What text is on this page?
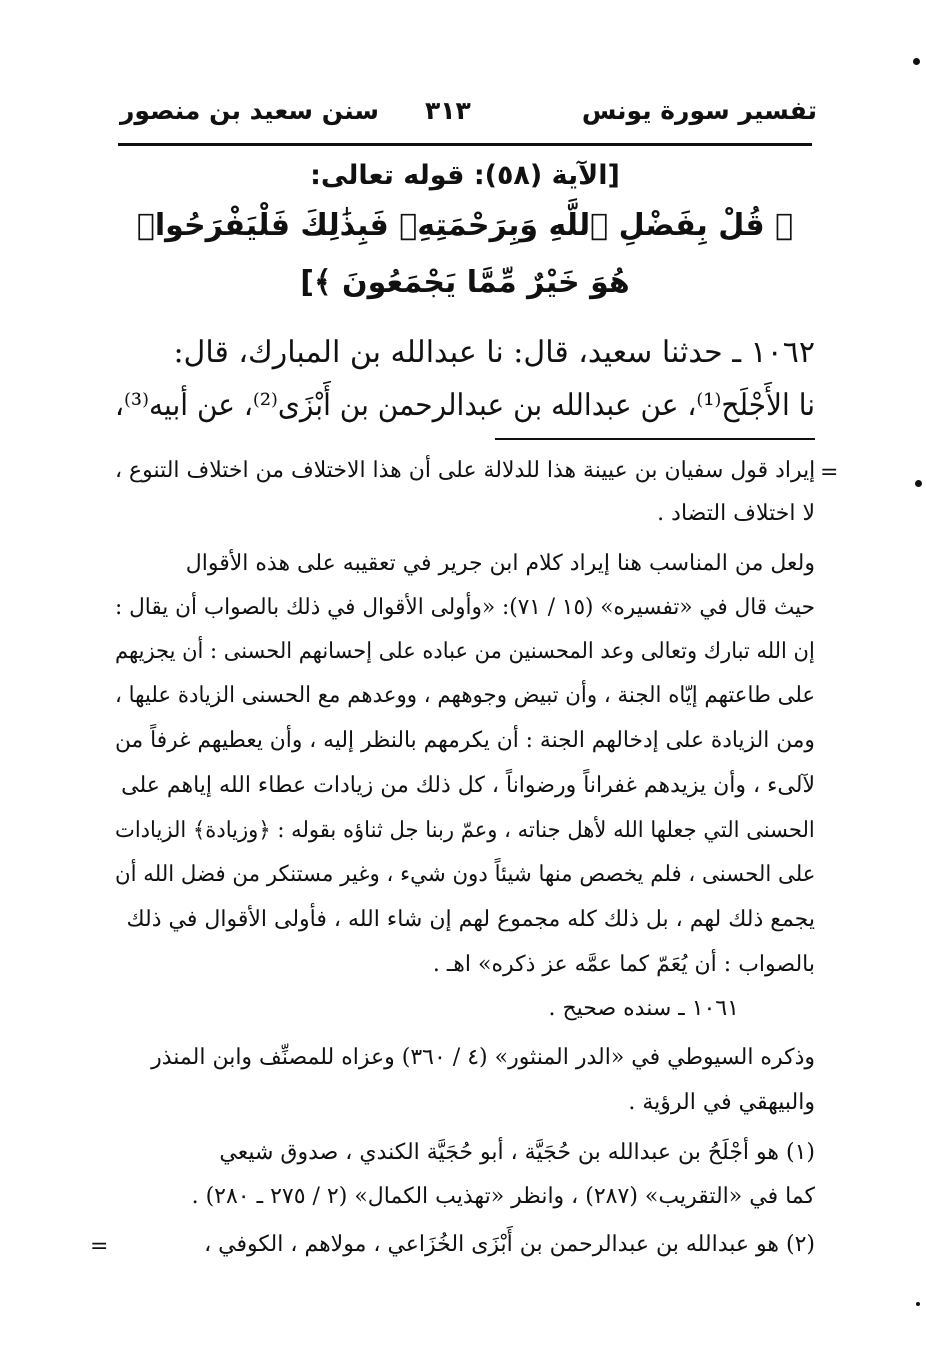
تفسير سورة يونس
٣١٣
سنن سعيد بن منصور
[الآية (٥٨): قوله تعالى:
﴿ قُلْ بِفَضْلِ ٱللَّهِ وَبِرَحْمَتِهِۦ فَبِذَٰلِكَ فَلْيَفْرَحُوا۟
هُوَ خَيْرٌ مِّمَّا يَجْمَعُونَ ﴾]
١٠٦٢ ـ حدثنا سعيد، قال: نا عبدالله بن المبارك، قال:
نا الأَجْلَح⁽¹⁾، عن عبدالله بن عبدالرحمن بن أَبْزَى⁽²⁾، عن أبيه⁽³⁾،
=
إيراد قول سفيان بن عيينة هذا للدلالة على أن هذا الاختلاف من اختلاف التنوع ،
لا اختلاف التضاد .
ولعل من المناسب هنا إيراد كلام ابن جرير في تعقيبه على هذه الأقوال
حيث قال في «تفسيره» (١٥ / ٧١): «وأولى الأقوال في ذلك بالصواب أن يقال :
إن الله تبارك وتعالى وعد المحسنين من عباده على إحسانهم الحسنى : أن يجزيهم
على طاعتهم إيّاه الجنة ، وأن تبيض وجوههم ، ووعدهم مع الحسنى الزيادة عليها ،
ومن الزيادة على إدخالهم الجنة : أن يكرمهم بالنظر إليه ، وأن يعطيهم غرفاً من
لآلىء ، وأن يزيدهم غفراناً ورضواناً ، كل ذلك من زيادات عطاء الله إياهم على
الحسنى التي جعلها الله لأهل جناته ، وعمّ ربنا جل ثناؤه بقوله : ﴿وزيادة﴾ الزيادات
على الحسنى ، فلم يخصص منها شيئاً دون شيء ، وغير مستنكر من فضل الله أن
يجمع ذلك لهم ، بل ذلك كله مجموع لهم إن شاء الله ، فأولى الأقوال في ذلك
بالصواب : أن يُعَمّ كما عمَّه عز ذكره» اهـ .
١٠٦١ ـ سنده صحيح .
وذكره السيوطي في «الدر المنثور» (٤ / ٣٦٠) وعزاه للمصنِّف وابن المنذر
والبيهقي في الرؤية .
(١) هو أجْلَحُ بن عبدالله بن حُجَيَّة ، أبو حُجَيَّة الكندي ، صدوق شيعي
كما في «التقريب» (٢٨٧) ، وانظر «تهذيب الكمال» (٢ / ٢٧٥ ـ ٢٨٠) .
(٢) هو عبدالله بن عبدالرحمن بن أَبْزَى الخُزَاعي ، مولاهم ، الكوفي ،
=
